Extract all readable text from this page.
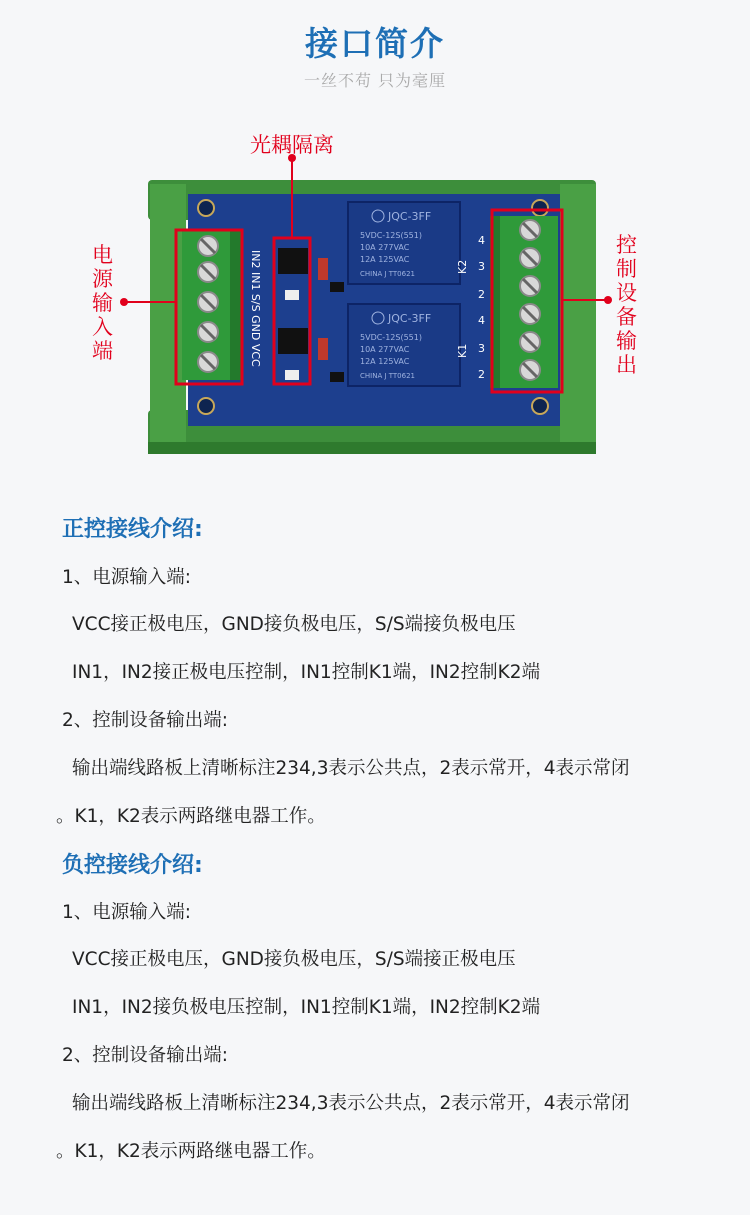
接口简介
一丝不苟 只为毫厘
IN2 IN1 S/S GND VCC
JQC-3FF
5VDC-12S(551)
10A 277VAC
12A 125VAC
CHINA J TT0621
JQC-3FF
5VDC-12S(551)
10A 277VAC
12A 125VAC
CHINA J TT0621
K2
K1
4
3
2
4
3
2
光耦隔离
电
源
输
入
端
控
制
设
备
输
出
正控接线介绍:
1、电源输入端:
VCC接正极电压，GND接负极电压，S/S端接负极电压
IN1，IN2接正极电压控制，IN1控制K1端，IN2控制K2端
2、控制设备输出端:
输出端线路板上清晰标注234,3表示公共点，2表示常开，4表示常闭
。K1，K2表示两路继电器工作。
负控接线介绍:
1、电源输入端:
VCC接正极电压，GND接负极电压，S/S端接正极电压
IN1，IN2接负极电压控制，IN1控制K1端，IN2控制K2端
2、控制设备输出端:
输出端线路板上清晰标注234,3表示公共点，2表示常开，4表示常闭
。K1，K2表示两路继电器工作。
